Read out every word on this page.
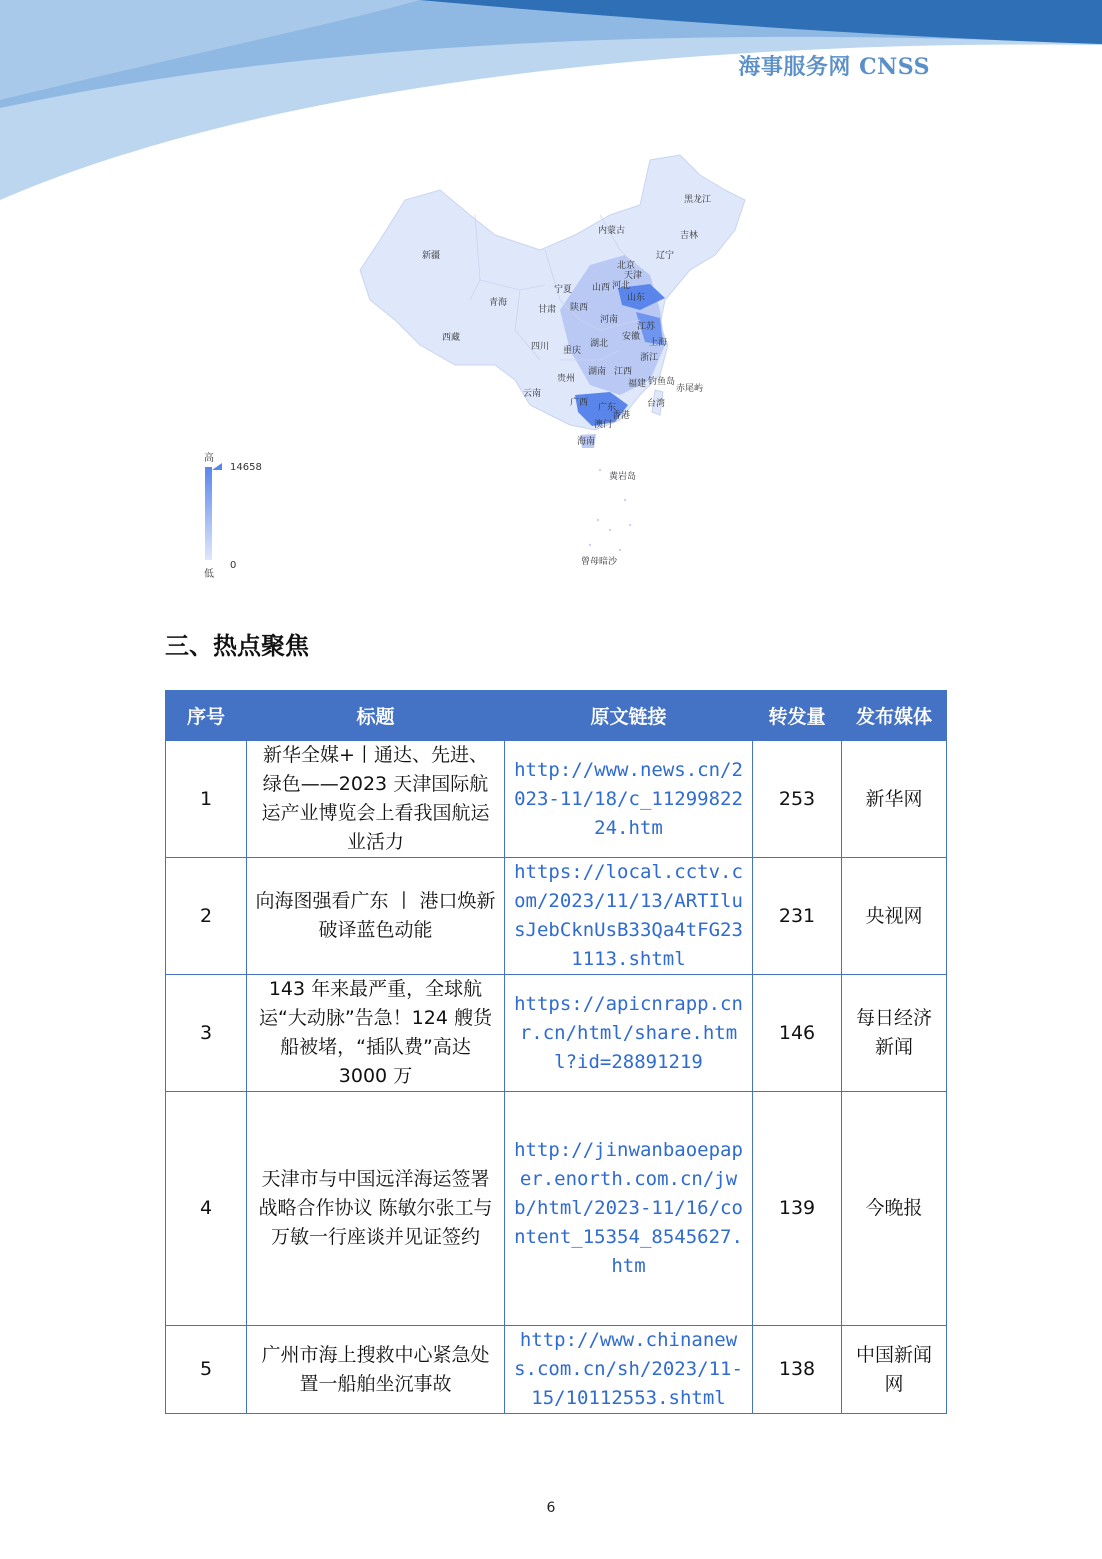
海事服务网 CNSS
新疆
西藏
青海
甘肃
宁夏
内蒙古
黑龙江
吉林
辽宁
北京
天津
河北
山西
陕西
山东
河南
江苏
安徽
上海
湖北
四川 重庆
浙江
湖南 江西
贵州
云南
福建 钓鱼岛
赤尾屿
台湾
广西 广东
香港
澳门
海南
黄岩岛
曾母暗沙
高
14658
0
低
三、热点聚焦
序号	标题	原文链接	转发量	发布媒体
1	新华全媒+丨通达、先进、绿色——2023 天津国际航运产业博览会上看我国航运业活力	http://www.news.cn/2023-11/18/c_1129982224.htm	253	新华网
2	向海图强看广东 丨 港口焕新 破译蓝色动能	https://local.cctv.com/2023/11/13/ARTIlusJebCknUsB33Qa4tFG231113.shtml	231	央视网
3	143 年来最严重，全球航运“大动脉”告急！124 艘货船被堵，“插队费”高达 3000 万	https://apicnrapp.cnr.cn/html/share.html?id=28891219	146	每日经济新闻
4	天津市与中国远洋海运签署战略合作协议 陈敏尔张工与万敏一行座谈并见证签约	http://jinwanbaoepaper.enorth.com.cn/jwb/html/2023-11/16/content_15354_8545627.htm	139	今晚报
5	广州市海上搜救中心紧急处置一船舶坐沉事故	http://www.chinanews.com.cn/sh/2023/11-15/10112553.shtml	138	中国新闻网
6
